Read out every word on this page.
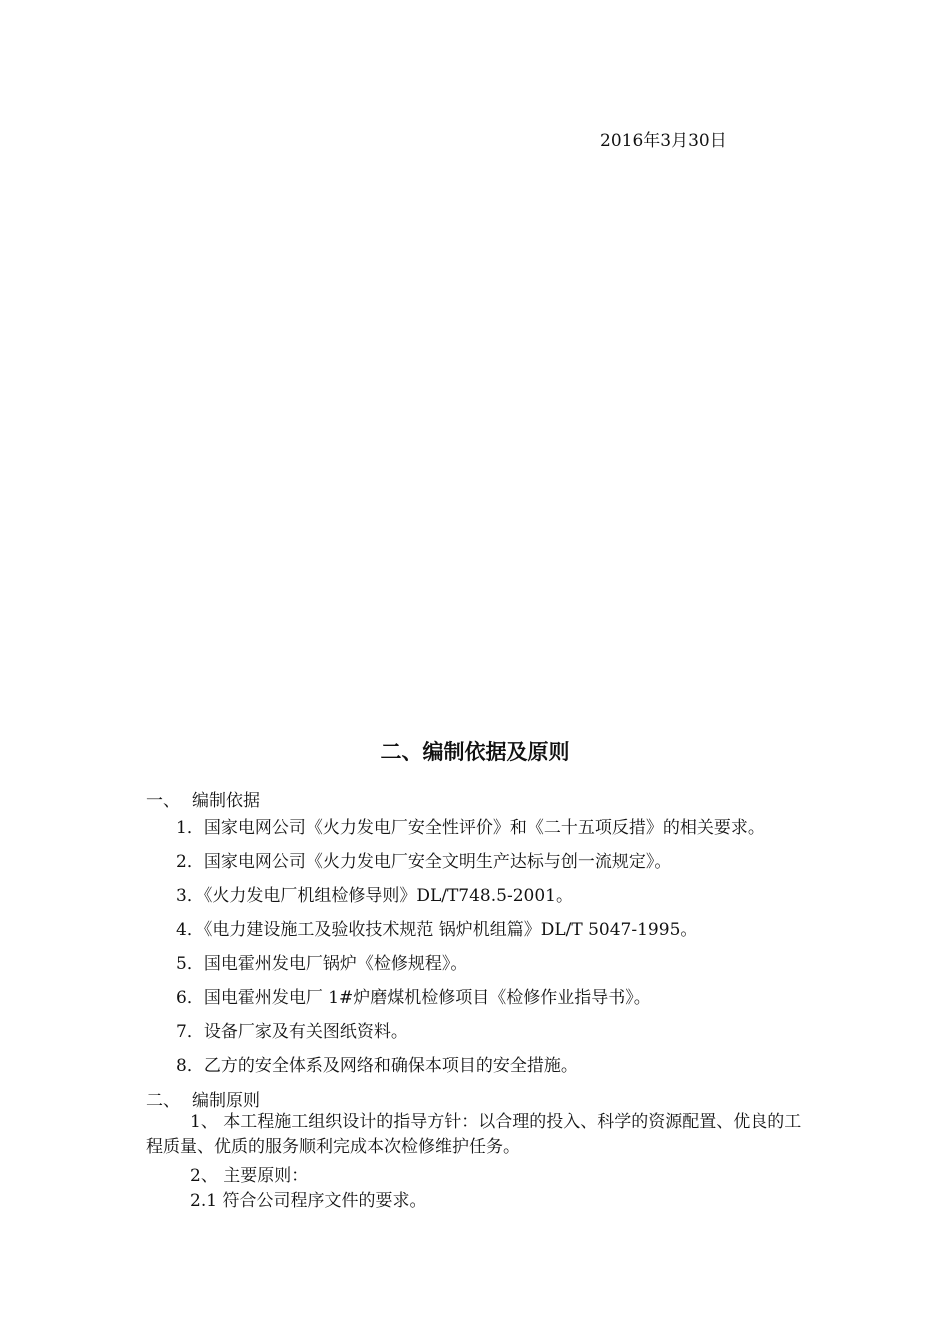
2016年3月30日
二、编制依据及原则
一、 编制依据
1．国家电网公司《火力发电厂安全性评价》和《二十五项反措》的相关要求。
2．国家电网公司《火力发电厂安全文明生产达标与创一流规定》。
3．《火力发电厂机组检修导则》DL/T748.5-2001。
4．《电力建设施工及验收技术规范 锅炉机组篇》DL/T 5047-1995。
5．国电霍州发电厂锅炉《检修规程》。
6．国电霍州发电厂 1#炉磨煤机检修项目《检修作业指导书》。
7．设备厂家及有关图纸资料。
8．乙方的安全体系及网络和确保本项目的安全措施。
二、 编制原则
1、 本工程施工组织设计的指导方针：以合理的投入、科学的资源配置、优良的工程质量、优质的服务顺利完成本次检修维护任务。
2、 主要原则：
2.1 符合公司程序文件的要求。
